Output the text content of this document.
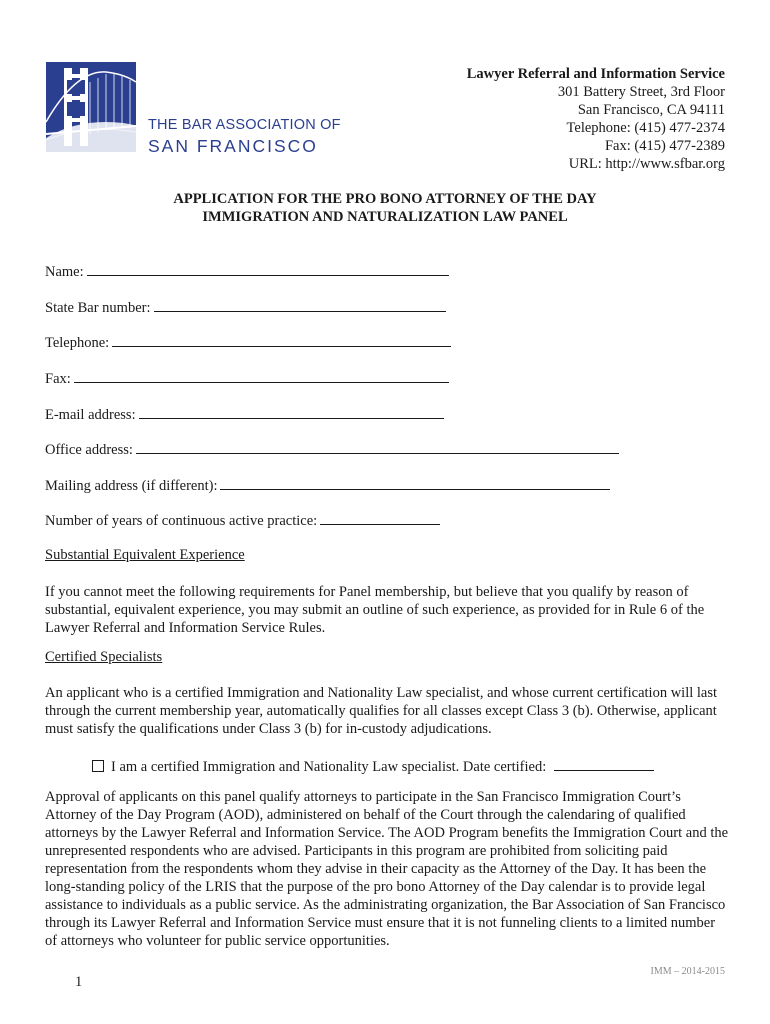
THE BAR ASSOCIATION OF
SAN FRANCISCO
Lawyer Referral and Information Service
301 Battery Street, 3rd Floor
San Francisco, CA 94111
Telephone: (415) 477-2374
Fax: (415) 477-2389
URL: http://www.sfbar.org
APPLICATION FOR THE PRO BONO ATTORNEY OF THE DAY
IMMIGRATION AND NATURALIZATION LAW PANEL
Name:
State Bar number:
Telephone:
Fax:
E-mail address:
Office address:
Mailing address (if different):
Number of years of continuous active practice:
Substantial Equivalent Experience
If you cannot meet the following requirements for Panel membership, but believe that you qualify by reason of substantial, equivalent experience, you may submit an outline of such experience, as provided for in Rule 6 of the Lawyer Referral and Information Service Rules.
Certified Specialists
An applicant who is a certified Immigration and Nationality Law specialist, and whose current certification will last through the current membership year, automatically qualifies for all classes except Class 3 (b). Otherwise, applicant must satisfy the qualifications under Class 3 (b) for in-custody adjudications.
I am a certified Immigration and Nationality Law specialist. Date certified:
Approval of applicants on this panel qualify attorneys to participate in the San Francisco Immigration Court’s Attorney of the Day Program (AOD), administered on behalf of the Court through the calendaring of qualified attorneys by the Lawyer Referral and Information Service. The AOD Program benefits the Immigration Court and the unrepresented respondents who are advised. Participants in this program are prohibited from soliciting paid representation from the respondents whom they advise in their capacity as the Attorney of the Day. It has been the long-standing policy of the LRIS that the purpose of the pro bono Attorney of the Day calendar is to provide legal assistance to individuals as a public service. As the administrating organization, the Bar Association of San Francisco through its Lawyer Referral and Information Service must ensure that it is not funneling clients to a limited number of attorneys who volunteer for public service opportunities.
1
IMM – 2014-2015
